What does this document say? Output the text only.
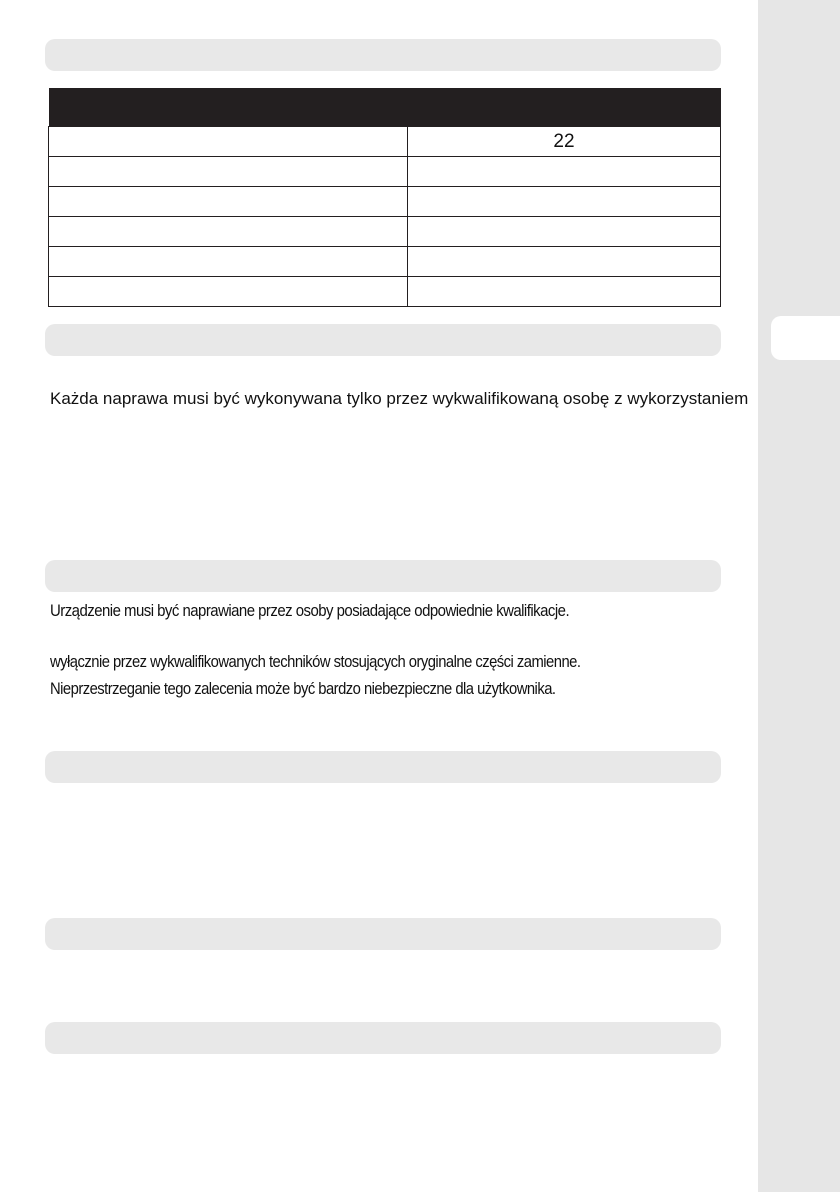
	22

Każda naprawa musi być wykonywana tylko przez wykwalifikowaną osobę z wykorzystaniem

Urządzenie musi być naprawiane przez osoby posiadające odpowiednie kwalifikacje.

wyłącznie przez wykwalifikowanych techników stosujących oryginalne części zamienne.

Nieprzestrzeganie tego zalecenia może być bardzo niebezpieczne dla użytkownika.
